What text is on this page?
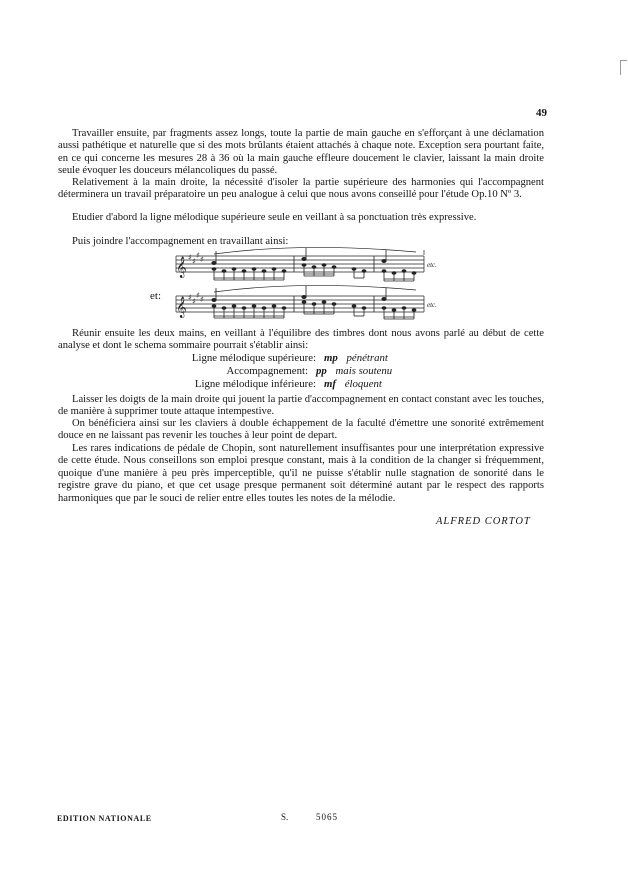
49

Travailler ensuite, par fragments assez longs, toute la partie de main gauche en s'efforçant à une déclamation aussi pathétique et naturelle que si des mots brûlants étaient attachés à chaque note. Exception sera pourtant faite, en ce qui concerne les mesures 28 à 36 où la main gauche effleure doucement le clavier, laissant la main droite seule évoquer les douceurs mélancoliques du passé.

Relativement à la main droite, la nécessité d'isoler la partie supérieure des harmonies qui l'accompagnent déterminera un travail préparatoire un peu analogue à celui que nous avons conseillé pour l'étude Op.10 Nº 3.

Etudier d'abord la ligne mélodique supérieure seule en veillant à sa ponctuation très expressive.

Puis joindre l'accompagnement en travaillant ainsi:

𝄞
𝄞
♯ ♯
♯ ♯
♯ ♯
♯ ♯
etc.
etc.
et:

Réunir ensuite les deux mains, en veillant à l'équilibre des timbres dont nous avons parlé au début de cette analyse et dont le schema sommaire pourrait s'établir ainsi:

Ligne mélodique supérieure: mp pénétrant
Accompagnement: pp mais soutenu
Ligne mélodique inférieure: mf éloquent

Laisser les doigts de la main droite qui jouent la partie d'accompagnement en contact constant avec les touches, de manière à supprimer toute attaque intempestive.

On bénéficiera ainsi sur les claviers à double échappement de la faculté d'émettre une sonorité extrêmement douce en ne laissant pas revenir les touches à leur point de depart.

Les rares indications de pédale de Chopin, sont naturellement insuffisantes pour une interprétation expressive de cette étude. Nous conseillons son emploi presque constant, mais à la condition de la changer si fréquemment, quoique d'une manière à peu près imperceptible, qu'il ne puisse s'établir nulle stagnation de sonorité dans le registre grave du piano, et que cet usage presque permanent soit déterminé autant par le respect des rapports harmoniques que par le souci de relier entre elles toutes les notes de la mélodie.

ALFRED CORTOT
EDITION NATIONALE	S.	5065
